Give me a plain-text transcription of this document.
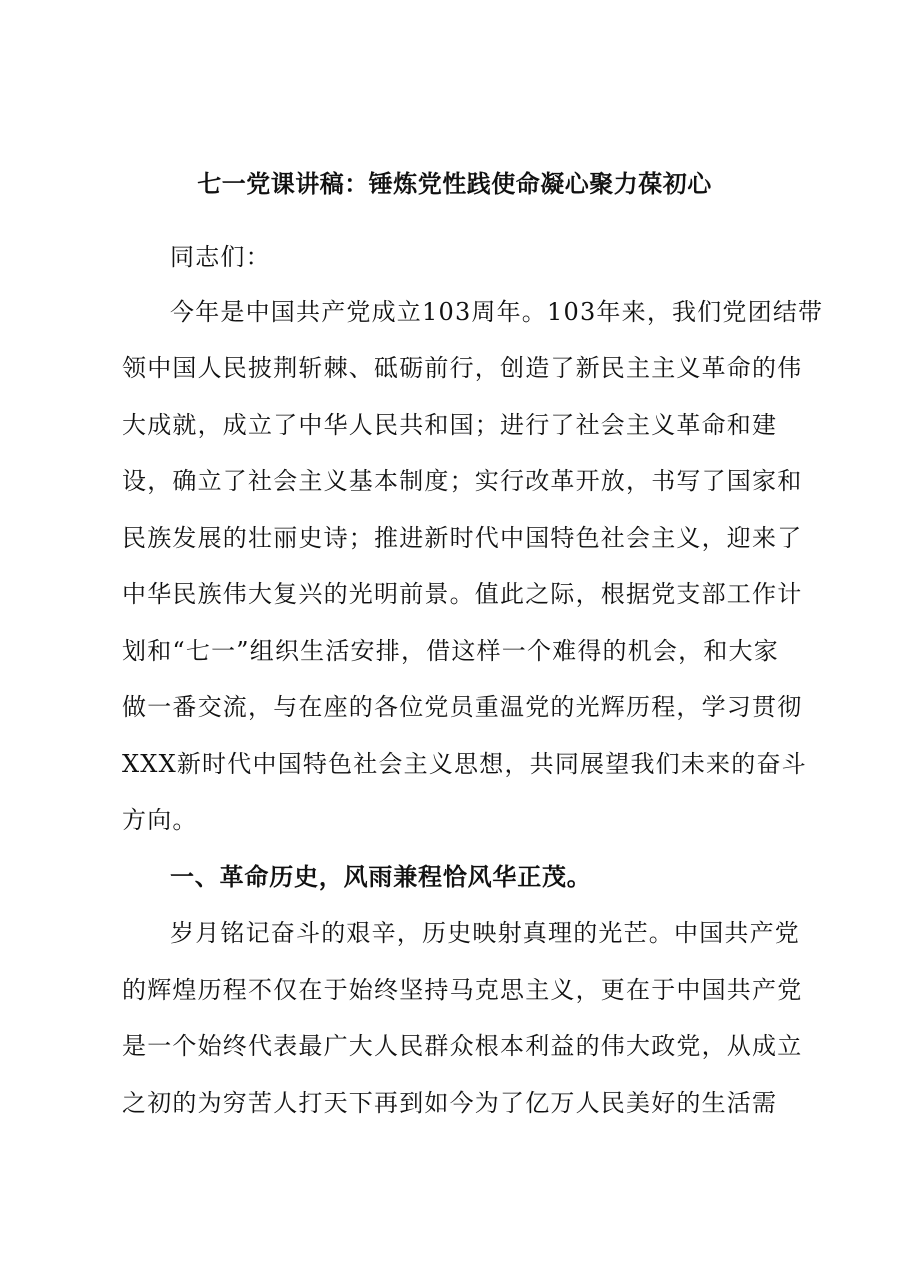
七一党课讲稿：锤炼党性践使命凝心聚力葆初心
同志们：
今年是中国共产党成立103周年。103年来，我们党团结带
领中国人民披荆斩棘、砥砺前行，创造了新民主主义革命的伟
大成就，成立了中华人民共和国；进行了社会主义革命和建
设，确立了社会主义基本制度；实行改革开放，书写了国家和
民族发展的壮丽史诗；推进新时代中国特色社会主义，迎来了
中华民族伟大复兴的光明前景。值此之际，根据党支部工作计
划和“七一”组织生活安排，借这样一个难得的机会，和大家
做一番交流，与在座的各位党员重温党的光辉历程，学习贯彻
XXX新时代中国特色社会主义思想，共同展望我们未来的奋斗
方向。
一、革命历史，风雨兼程恰风华正茂。
岁月铭记奋斗的艰辛，历史映射真理的光芒。中国共产党
的辉煌历程不仅在于始终坚持马克思主义，更在于中国共产党
是一个始终代表最广大人民群众根本利益的伟大政党，从成立
之初的为穷苦人打天下再到如今为了亿万人民美好的生活需
